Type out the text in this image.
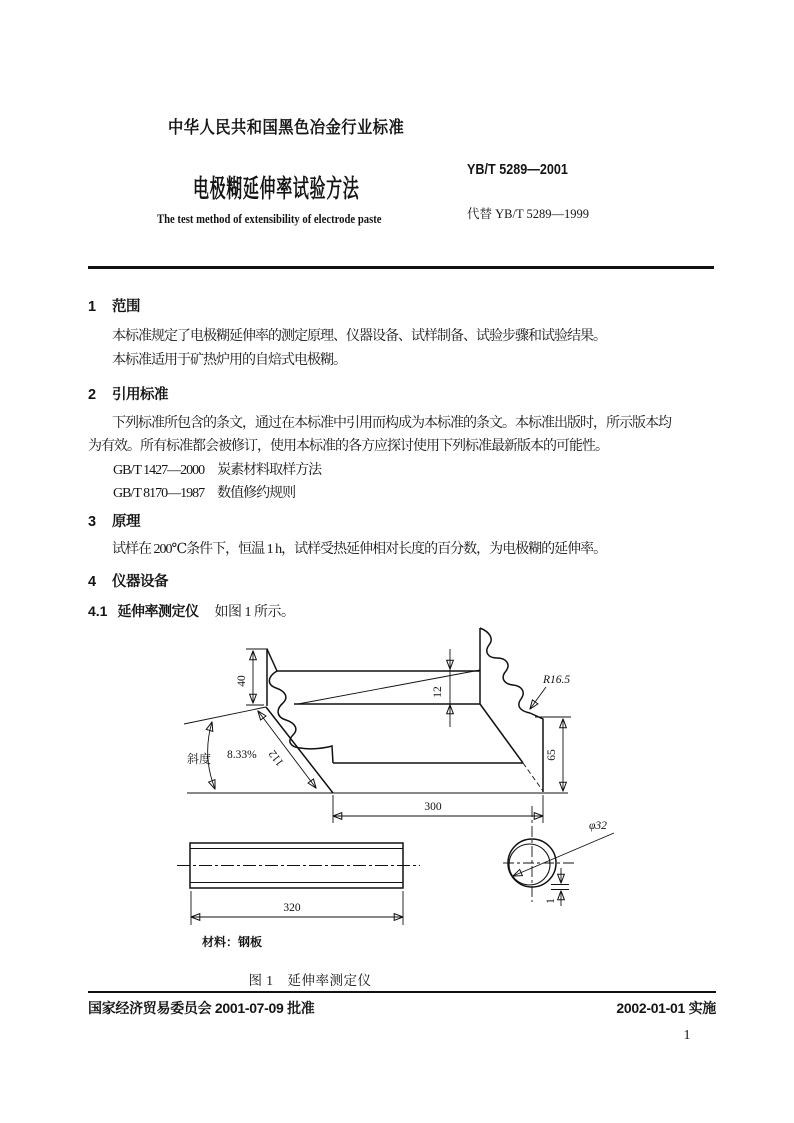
中华人民共和国黑色冶金行业标准
电极糊延伸率试验方法
YB/T 5289—2001
代替 YB/T 5289—1999
The test method of extensibility of electrode paste
1 范围
本标准规定了电极糊延伸率的测定原理、仪器设备、试样制备、试验步骤和试验结果。
本标准适用于矿热炉用的自焙式电极糊。
2 引用标准
下列标准所包含的条文，通过在本标准中引用而构成为本标准的条文。本标准出版时，所示版本均
为有效。所有标准都会被修订，使用本标准的各方应探讨使用下列标准最新版本的可能性。
GB/T 1427—2000　炭素材料取样方法
GB/T 8170—1987　数值修约规则
3 原理
试样在 200℃条件下，恒温 1 h，试样受热延伸相对长度的百分数，为电极糊的延伸率。
4 仪器设备
4.1 延伸率测定仪 如图 1 所示。
40
12
112
斜度 8.33%	65
R16.5
300
320
材料：钢板
φ32
1
图 1　延伸率测定仪
国家经济贸易委员会 2001-07-09 批准	2002-01-01 实施
1
